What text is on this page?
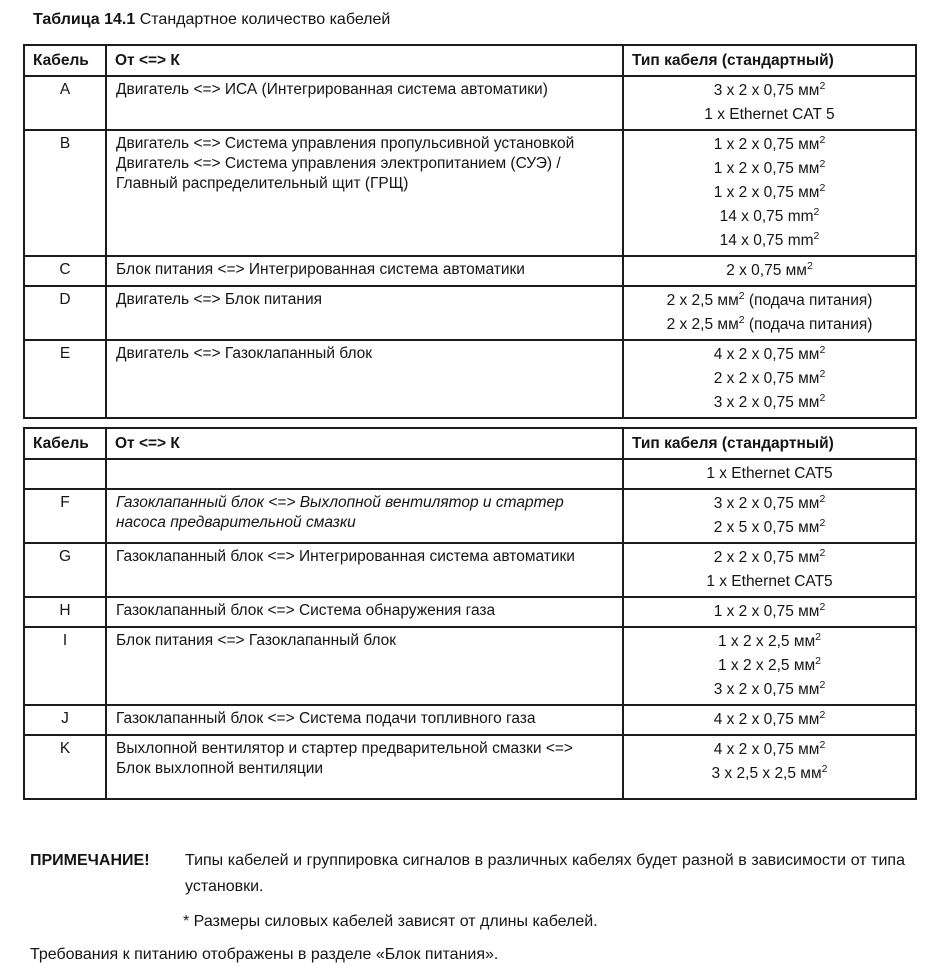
Таблица 14.1 Стандартное количество кабелей
Кабель	От <=> К	Тип кабеля (стандартный)
A	Двигатель <=> ИСА (Интегрированная система автоматики)	3 x 2 x 0,75 $мм^2$
1 x Ethernet CAT 5

B	Двигатель <=> Система управления пропульсивной установкой

Двигатель <=> Система управления электропитанием (СУЭ) / Главный распределительный щит (ГРЩ)

1 x 2 x 0,75 $мм^2$
1 x 2 x 0,75 $мм^2$
1 x 2 x 0,75 $мм^2$
14 x 0,75 $mm^2$
14 x 0,75 $mm^2$

C	Блок питания <=> Интегрированная система автоматики	2 x 0,75 $мм^2$

D	Двигатель <=> Блок питания	2 x 2,5 $мм^2$ (подача питания)
2 x 2,5 $мм^2$ (подача питания)

E	Двигатель <=> Газоклапанный блок	4 x 2 x 0,75 $мм^2$
2 x 2 x 0,75 $мм^2$
3 x 2 x 0,75 $мм^2$
Кабель	От <=> К	Тип кабеля (стандартный)

		1 x Ethernet CAT5

F	Газоклапанный блок <=> Выхлопной вентилятор и стартер насоса предварительной смазки	3 x 2 x 0,75 $мм^2$
2 x 5 x 0,75 $мм^2$

G	Газоклапанный блок <=> Интегрированная система автоматики	2 x 2 x 0,75 $мм^2$
1 x Ethernet CAT5

H	Газоклапанный блок <=> Система обнаружения газа	1 x 2 x 0,75 $мм^2$

I	Блок питания <=> Газоклапанный блок	1 x 2 x 2,5 $мм^2$
1 x 2 x 2,5 $мм^2$
3 x 2 x 0,75 $мм^2$

J	Газоклапанный блок <=> Система подачи топливного газа	4 x 2 x 0,75 $мм^2$

K	Выхлопной вентилятор и стартер предварительной смазки <=> Блок выхлопной вентиляции	4 x 2 x 0,75 $мм^2$
3 x 2,5 x 2,5 $мм^2$
ПРИМЕЧАНИЕ! Типы кабелей и группировка сигналов в различных кабелях будет разной в зависимости от типа установки.
* Размеры силовых кабелей зависят от длины кабелей.
Требования к питанию отображены в разделе «Блок питания».
